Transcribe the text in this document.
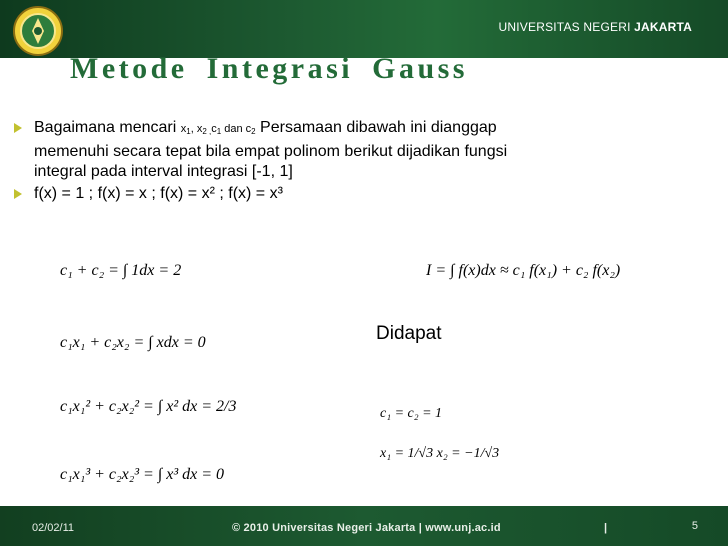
UNIVERSITAS NEGERI JAKARTA
Metode Integrasi Gauss
Bagaimana mencari $x_1$, $x_{2 ,}c_1$ dan $c_2$ Persamaan dibawah ini dianggap memenuhi secara tepat bila empat polinom berikut dijadikan fungsi integral pada interval integrasi [-1, 1]
f(x) = 1 ; f(x) = x ; f(x) = x² ; f(x) = x³
c₁ + c₂ = ∫ 1dx = 2
c₁x₁ + c₂x₂ = ∫ xdx = 0
c₁x₁² + c₂x₂² = ∫ x² dx = 2/3
c₁x₁³ + c₂x₂³ = ∫ x³ dx = 0
I = ∫ f(x)dx ≈ c₁ f(x₁) + c₂ f(x₂)
Didapat
c₁ = c₂ = 1
x₁ = 1/√3 x₂ = −1/√3
02/02/11	© 2010 Universitas Negeri Jakarta | www.unj.ac.id	|	5
